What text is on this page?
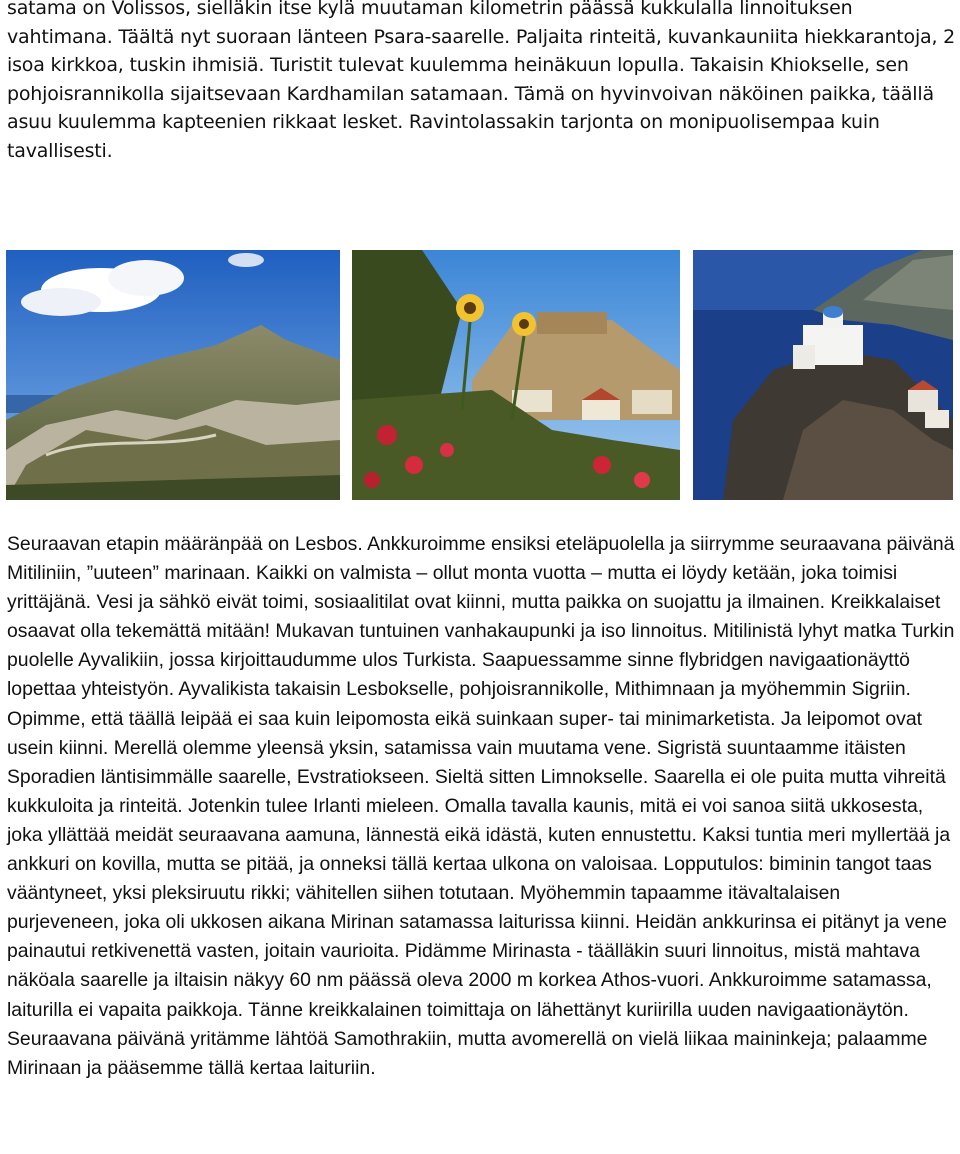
satama on Volissos, sielläkin itse kylä muutaman kilometrin päässä kukkulalla linnoituksen vahtimana. Täältä nyt suoraan länteen Psara-saarelle. Paljaita rinteitä, kuvankauniita hiekkarantoja, 2 isoa kirkkoa, tuskin ihmisiä. Turistit tulevat kuulemma heinäkuun lopulla. Takaisin Khiokselle, sen pohjoisrannikolla sijaitsevaan Kardhamilan satamaan. Tämä on hyvinvoivan näköinen paikka, täällä asuu kuulemma kapteenien rikkaat lesket. Ravintolassakin tarjonta on monipuolisempaa kuin tavallisesti.

Seuraavan etapin määränpää on Lesbos. Ankkuroimme ensiksi eteläpuolella ja siirrymme seuraavana päivänä Mitiliniin, ”uuteen” marinaan. Kaikki on valmista – ollut monta vuotta – mutta ei löydy ketään, joka toimisi yrittäjänä. Vesi ja sähkö eivät toimi, sosiaalitilat ovat kiinni, mutta paikka on suojattu ja ilmainen. Kreikkalaiset osaavat olla tekemättä mitään! Mukavan tuntuinen vanhakaupunki ja iso linnoitus. Mitilinistä lyhyt matka Turkin puolelle Ayvalikiin, jossa kirjoittaudumme ulos Turkista. Saapuessamme sinne flybridgen navigaationäyttö lopettaa yhteistyön. Ayvalikista takaisin Lesbokselle, pohjoisrannikolle, Mithimnaan ja myöhemmin Sigriin. Opimme, että täällä leipää ei saa kuin leipomosta eikä suinkaan super- tai minimarketista. Ja leipomot ovat usein kiinni. Merellä olemme yleensä yksin, satamissa vain muutama vene. Sigristä suuntaamme itäisten Sporadien läntisimmälle saarelle, Evstratiokseen. Sieltä sitten Limnokselle. Saarella ei ole puita mutta vihreitä kukkuloita ja rinteitä. Jotenkin tulee Irlanti mieleen. Omalla tavalla kaunis, mitä ei voi sanoa siitä ukkosesta, joka yllättää meidät seuraavana aamuna, lännestä eikä idästä, kuten ennustettu. Kaksi tuntia meri myllertää ja ankkuri on kovilla, mutta se pitää, ja onneksi tällä kertaa ulkona on valoisaa. Lopputulos: biminin tangot taas vääntyneet, yksi pleksiruutu rikki; vähitellen siihen totutaan. Myöhemmin tapaamme itävaltalaisen purjeveneen, joka oli ukkosen aikana Mirinan satamassa laiturissa kiinni. Heidän ankkurinsa ei pitänyt ja vene painautui retkivenettä vasten, joitain vaurioita. Pidämme Mirinasta - täälläkin suuri linnoitus, mistä mahtava näköala saarelle ja iltaisin näkyy 60 nm päässä oleva 2000 m korkea Athos-vuori. Ankkuroimme satamassa, laiturilla ei vapaita paikkoja. Tänne kreikkalainen toimittaja on lähettänyt kuriirilla uuden navigaationäytön. Seuraavana päivänä yritämme lähtöä Samothrakiin, mutta avomerellä on vielä liikaa maininkeja; palaamme Mirinaan ja pääsemme tällä kertaa laituriin.
